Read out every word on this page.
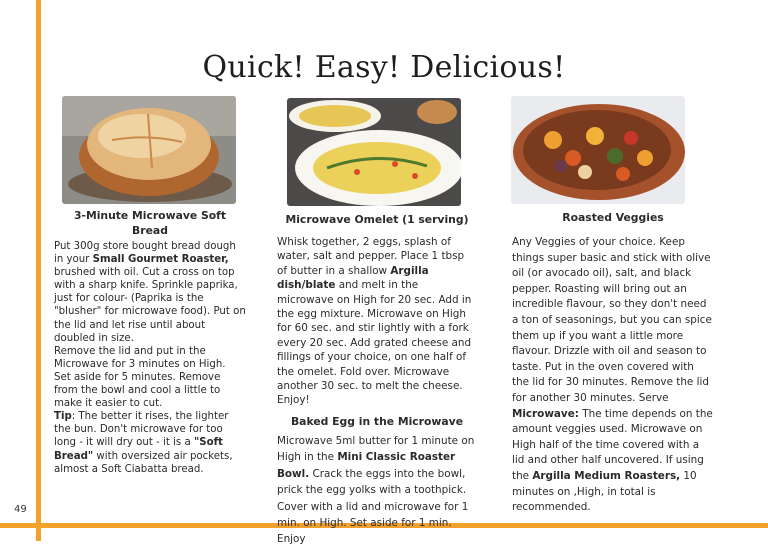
49
Quick! Easy! Delicious!
3-Minute Microwave Soft Bread

Put 300g store bought bread dough in your Small Gourmet Roaster, brushed with oil. Cut a cross on top with a sharp knife. Sprinkle paprika, just for colour- (Paprika is the "blusher" for microwave food). Put on the lid and let rise until about doubled in size.

Remove the lid and put in the Microwave for 3 minutes on High.

Set aside for 5 minutes. Remove from the bowl and cool a little to make it easier to cut.

Tip: The better it rises, the lighter the bun. Don't microwave for too long - it will dry out - it is a "Soft Bread" with oversized air pockets, almost a Soft Ciabatta bread.

Microwave Omelet (1 serving)

Whisk together, 2 eggs, splash of water, salt and pepper. Place 1 tbsp of butter in a shallow Argilla dish/blate and melt in the microwave on High for 20 sec. Add in the egg mixture. Microwave on High for 60 sec. and stir lightly with a fork every 20 sec. Add grated cheese and fillings of your choice, on one half of the omelet. Fold over. Microwave another 30 sec. to melt the cheese. Enjoy!

Baked Egg in the Microwave

Microwave 5ml butter for 1 minute on High in the Mini Classic Roaster Bowl. Crack the eggs into the bowl, prick the egg yolks with a toothpick. Cover with a lid and microwave for 1 min. on High. Set aside for 1 min. Enjoy

Roasted Veggies

Any Veggies of your choice. Keep things super basic and stick with olive oil (or avocado oil), salt, and black pepper. Roasting will bring out an incredible flavour, so they don't need a ton of seasonings, but you can spice them up if you want a little more flavour. Drizzle with oil and season to taste. Put in the oven covered with the lid for 30 minutes. Remove the lid for another 30 minutes. Serve Microwave: The time depends on the amount veggies used. Microwave on High half of the time covered with a lid and other half uncovered. If using the Argilla Medium Roasters, 10 minutes on ,High, in total is recommended.
